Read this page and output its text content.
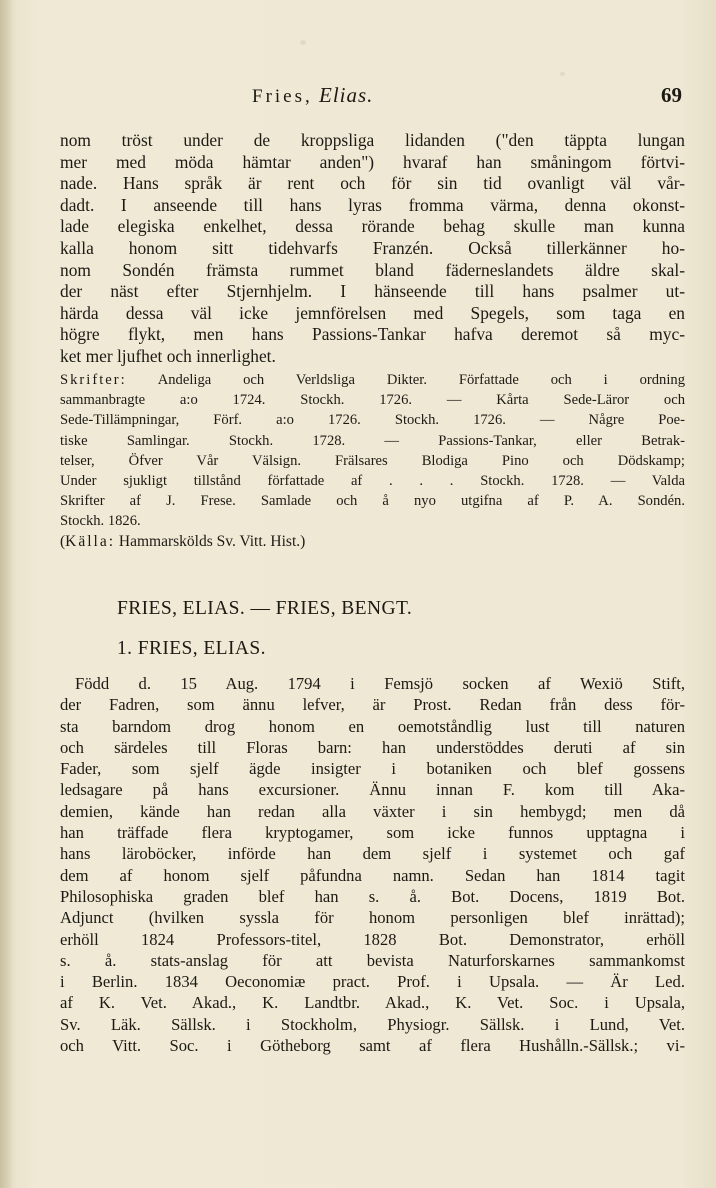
Fries, Elias.	69
nom tröst under de kroppsliga lidanden ("den täppta lungan
mer med möda hämtar anden") hvaraf han småningom förtvi-
nade. Hans språk är rent och för sin tid ovanligt väl vår-
dadt. I anseende till hans lyras fromma värma, denna okonst-
lade elegiska enkelhet, dessa rörande behag skulle man kunna
kalla honom sitt tidehvarfs Franzén. Också tillerkänner ho-
nom Sondén främsta rummet bland fäderneslandets äldre skal-
der näst efter Stjernhjelm. I hänseende till hans psalmer ut-
härda dessa väl icke jemnförelsen med Spegels, som taga en
högre flykt, men hans Passions-Tankar hafva deremot så myc-
ket mer ljufhet och innerlighet.
Skrifter: Andeliga och Verldsliga Dikter. Författade och i ordning
sammanbragte a:o 1724. Stockh. 1726. — Kårta Sede-Läror och
Sede-Tillämpningar, Förf. a:o 1726. Stockh. 1726. — Någre Poe-
tiske Samlingar. Stockh. 1728. — Passions-Tankar, eller Betrak-
telser, Öfver Vår Välsign. Frälsares Blodiga Pino och Dödskamp;
Under sjukligt tillstånd författade af . . . Stockh. 1728. — Valda
Skrifter af J. Frese. Samlade och å nyo utgifna af P. A. Sondén.
Stockh. 1826.
(Källa: Hammarskölds Sv. Vitt. Hist.)
FRIES, ELIAS. — FRIES, BENGT.
1. FRIES, ELIAS.
Född d. 15 Aug. 1794 i Femsjö socken af Wexiö Stift,
der Fadren, som ännu lefver, är Prost. Redan från dess för-
sta barndom drog honom en oemotståndlig lust till naturen
och särdeles till Floras barn: han understöddes deruti af sin
Fader, som sjelf ägde insigter i botaniken och blef gossens
ledsagare på hans excursioner. Ännu innan F. kom till Aka-
demien, kände han redan alla växter i sin hembygd; men då
han träffade flera kryptogamer, som icke funnos upptagna i
hans läroböcker, införde han dem sjelf i systemet och gaf
dem af honom sjelf påfundna namn. Sedan han 1814 tagit
Philosophiska graden blef han s. å. Bot. Docens, 1819 Bot.
Adjunct (hvilken syssla för honom personligen blef inrättad);
erhöll 1824 Professors-titel, 1828 Bot. Demonstrator, erhöll
s. å. stats-anslag för att bevista Naturforskarnes sammankomst
i Berlin. 1834 Oeconomiæ pract. Prof. i Upsala. — Är Led.
af K. Vet. Akad., K. Landtbr. Akad., K. Vet. Soc. i Upsala,
Sv. Läk. Sällsk. i Stockholm, Physiogr. Sällsk. i Lund, Vet.
och Vitt. Soc. i Götheborg samt af flera Hushålln.-Sällsk.; vi-
